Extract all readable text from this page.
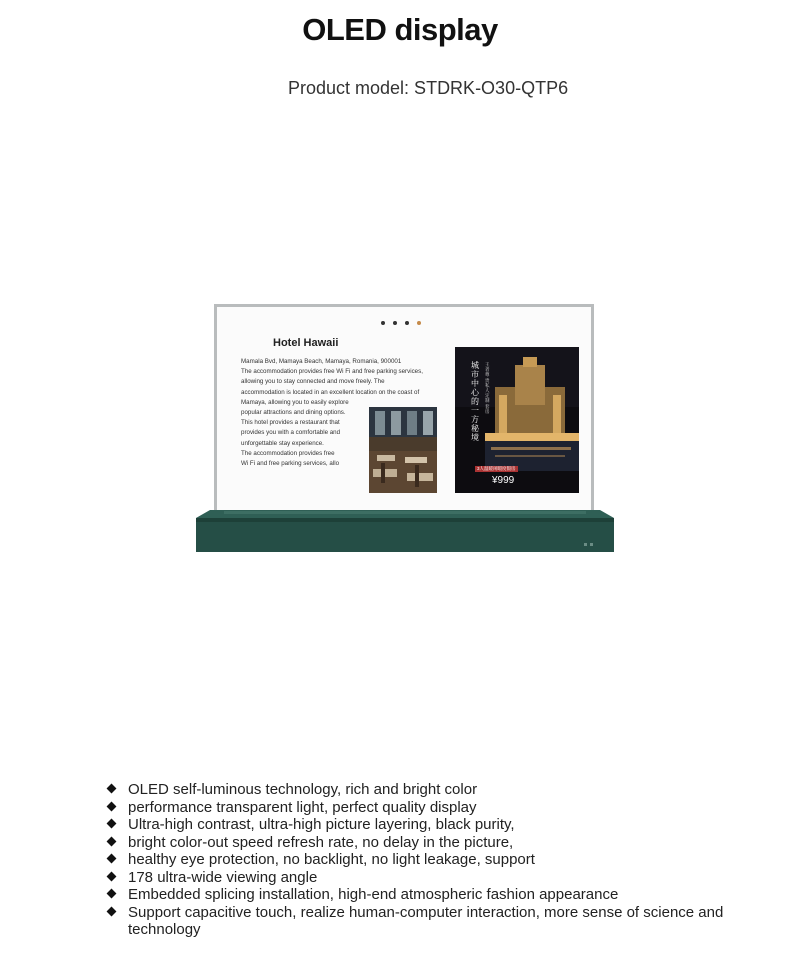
OLED display
Product model: STDRK-O30-QTP6
Hotel Hawaii
Mamala Bvd, Mamaya Beach, Mamaya, Romania, 900001
The accommodation provides free Wi Fi and free parking services,
allowing you to stay connected and move freely. The
accommodation is located in an excellent location on the coast of
Mamaya, allowing you to easily explore
popular attractions and dining options.
This hotel provides a restaurant that
provides you with a comfortable and
unforgettable stay experience.
The accommodation provides free
Wi Fi and free parking services, allo
城市中心的一方秘境
王者尊贵私人定制套房
3人温暖闲暇度假房
¥999
OLED self-luminous technology, rich and bright color
performance transparent light, perfect quality display
Ultra-high contrast, ultra-high picture layering, black purity,
bright color-out speed refresh rate, no delay in the picture,
healthy eye protection, no backlight, no light leakage, support
178 ultra-wide viewing angle
Embedded splicing installation, high-end atmospheric fashion appearance
Support capacitive touch, realize human-computer interaction, more sense of science and
technology
